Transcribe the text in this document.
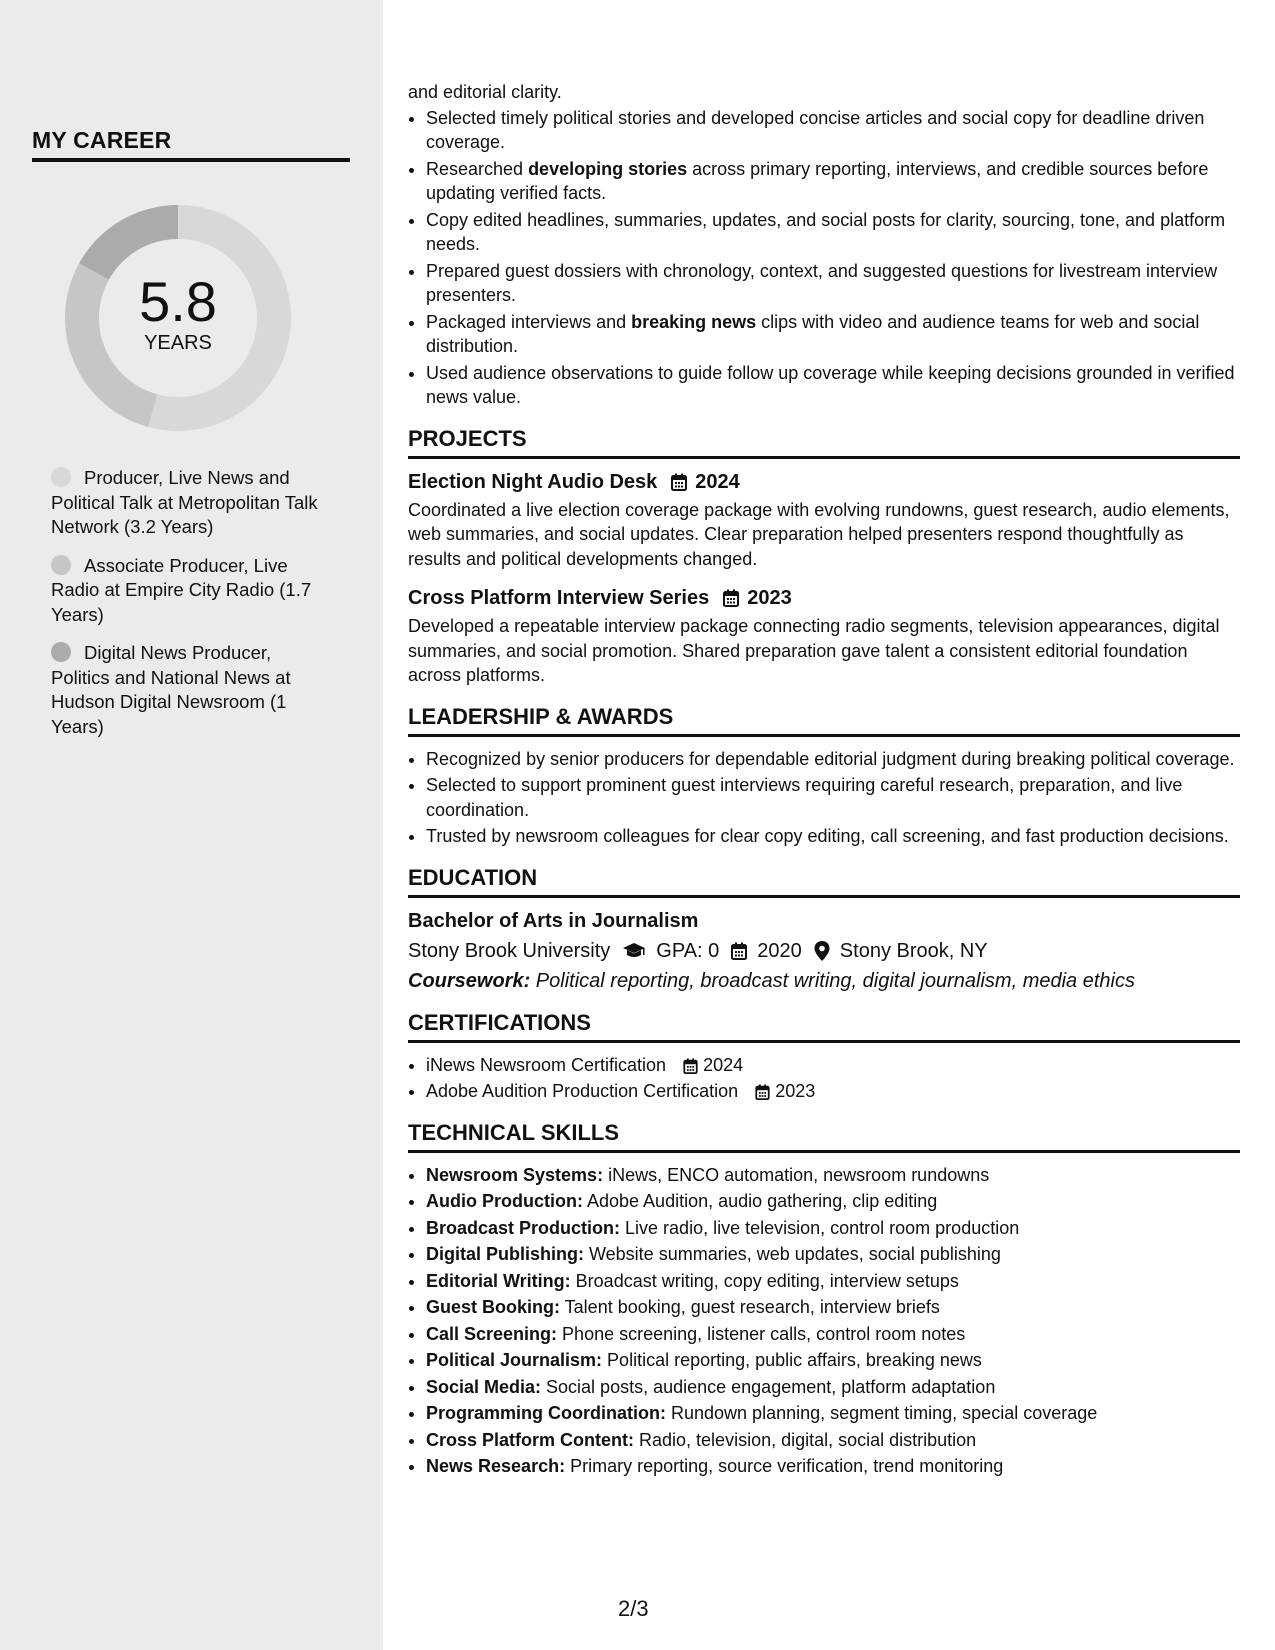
MY CAREER
5.8
YEARS
Producer, Live News and Political Talk at Metropolitan Talk Network (3.2 Years)
Associate Producer, Live Radio at Empire City Radio (1.7 Years)
Digital News Producer, Politics and National News at Hudson Digital Newsroom (1 Years)
and editorial clarity.
• Selected timely political stories and developed concise articles and social copy for deadline driven coverage.
• Researched developing stories across primary reporting, interviews, and credible sources before updating verified facts.
• Copy edited headlines, summaries, updates, and social posts for clarity, sourcing, tone, and platform needs.
• Prepared guest dossiers with chronology, context, and suggested questions for livestream interview presenters.
• Packaged interviews and breaking news clips with video and audience teams for web and social distribution.
• Used audience observations to guide follow up coverage while keeping decisions grounded in verified news value.
PROJECTS
Election Night Audio Desk 2024
Coordinated a live election coverage package with evolving rundowns, guest research, audio elements, web summaries, and social updates. Clear preparation helped presenters respond thoughtfully as results and political developments changed.
Cross Platform Interview Series 2023
Developed a repeatable interview package connecting radio segments, television appearances, digital summaries, and social promotion. Shared preparation gave talent a consistent editorial foundation across platforms.
LEADERSHIP & AWARDS
• Recognized by senior producers for dependable editorial judgment during breaking political coverage.
• Selected to support prominent guest interviews requiring careful research, preparation, and live coordination.
• Trusted by newsroom colleagues for clear copy editing, call screening, and fast production decisions.
EDUCATION
Bachelor of Arts in Journalism
Stony Brook University GPA: 0 2020 Stony Brook, NY
Coursework: Political reporting, broadcast writing, digital journalism, media ethics
CERTIFICATIONS
• iNews Newsroom Certification 2024
• Adobe Audition Production Certification 2023
TECHNICAL SKILLS
• Newsroom Systems: iNews, ENCO automation, newsroom rundowns
• Audio Production: Adobe Audition, audio gathering, clip editing
• Broadcast Production: Live radio, live television, control room production
• Digital Publishing: Website summaries, web updates, social publishing
• Editorial Writing: Broadcast writing, copy editing, interview setups
• Guest Booking: Talent booking, guest research, interview briefs
• Call Screening: Phone screening, listener calls, control room notes
• Political Journalism: Political reporting, public affairs, breaking news
• Social Media: Social posts, audience engagement, platform adaptation
• Programming Coordination: Rundown planning, segment timing, special coverage
• Cross Platform Content: Radio, television, digital, social distribution
• News Research: Primary reporting, source verification, trend monitoring
2/3
